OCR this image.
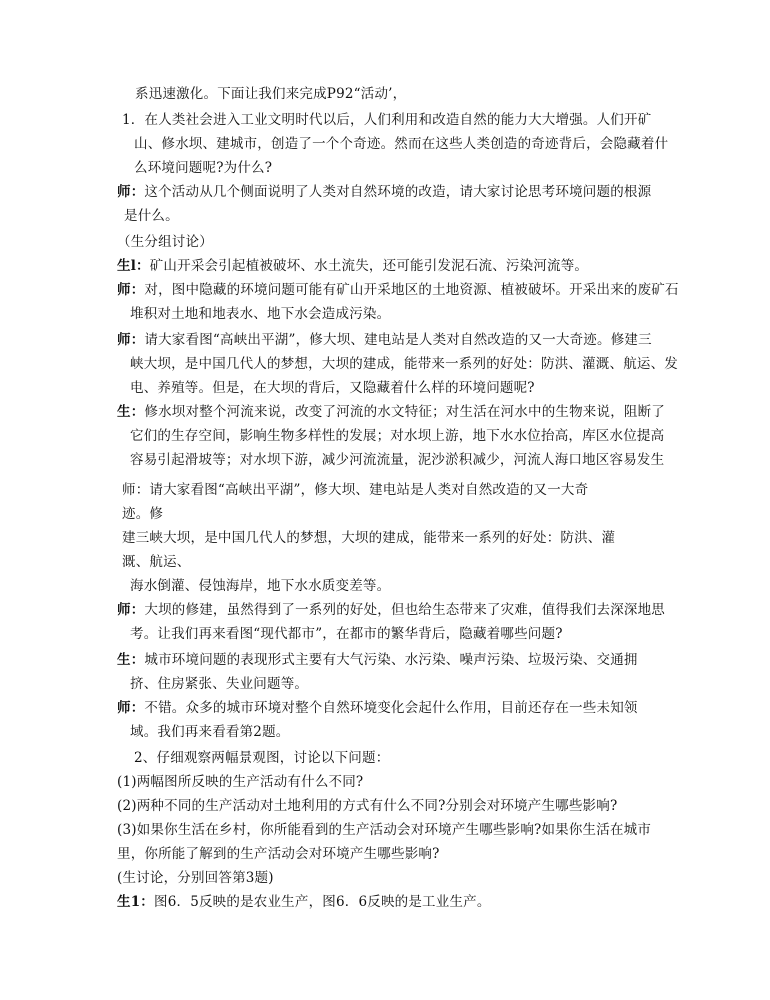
系迅速激化。下面让我们来完成P92“活动’，
1．在人类社会进入工业文明时代以后，人们利用和改造自然的能力大大增强。人们开矿
山、修水坝、建城市，创造了一个个奇迹。然而在这些人类创造的奇迹背后，会隐藏着什
么环境问题呢?为什么?
师：这个活动从几个侧面说明了人类对自然环境的改造，请大家讨论思考环境问题的根源
是什么。
（生分组讨论）
生l：矿山开采会引起植被破坏、水土流失，还可能引发泥石流、污染河流等。
师：对，图中隐藏的环境问题可能有矿山开采地区的土地资源、植被破坏。开采出来的废矿石
堆积对土地和地表水、地下水会造成污染。
师：请大家看图“高峡出平湖”，修大坝、建电站是人类对自然改造的又一大奇迹。修建三
峡大坝，是中国几代人的梦想，大坝的建成，能带来一系列的好处：防洪、灌溉、航运、发
电、养殖等。但是，在大坝的背后，又隐藏着什么样的环境问题呢?
生：修水坝对整个河流来说，改变了河流的水文特征；对生活在河水中的生物来说，阻断了
它们的生存空间，影响生物多样性的发展；对水坝上游，地下水水位抬高，库区水位提高
容易引起滑坡等；对水坝下游，减少河流流量，泥沙淤积减少，河流人海口地区容易发生
师：请大家看图“高峡出平湖”，修大坝、建电站是人类对自然改造的又一大奇
迹。修
建三峡大坝，是中国几代人的梦想，大坝的建成，能带来一系列的好处：防洪、灌
溉、航运、
海水倒灌、侵蚀海岸，地下水水质变差等。
师：大坝的修建，虽然得到了一系列的好处，但也给生态带来了灾难，值得我们去深深地思
考。让我们再来看图“现代都市”，在都市的繁华背后，隐藏着哪些问题?
生：城市环境问题的表现形式主要有大气污染、水污染、噪声污染、垃圾污染、交通拥
挤、住房紧张、失业问题等。
师：不错。众多的城市环境对整个自然环境变化会起什么作用，目前还存在一些未知领
域。我们再来看看第2题。
2、仔细观察两幅景观图，讨论以下问题：
(1)两幅图所反映的生产活动有什么不同?
(2)两种不同的生产活动对土地利用的方式有什么不同?分别会对环境产生哪些影响?
(3)如果你生活在乡村，你所能看到的生产活动会对环境产生哪些影响?如果你生活在城市
里，你所能了解到的生产活动会对环境产生哪些影响?
(生讨论，分别回答第3题)
生1：图6．5反映的是农业生产，图6．6反映的是工业生产。
